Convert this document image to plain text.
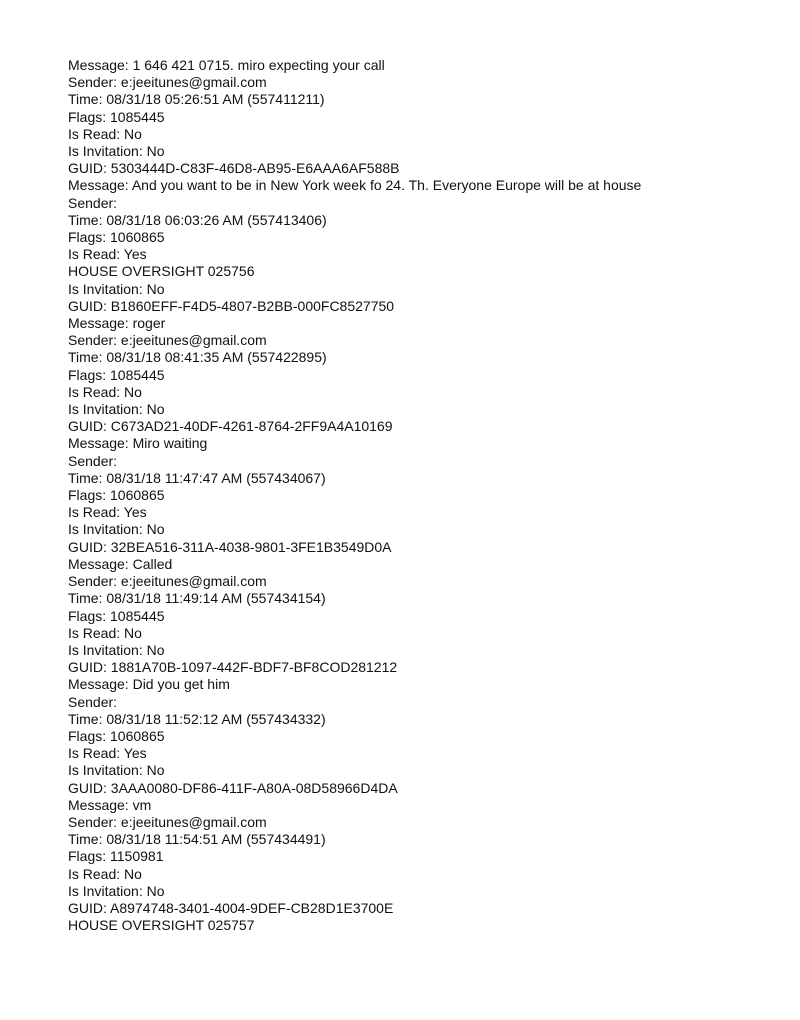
Message: 1 646 421 0715. miro expecting your call
Sender: e:jeeitunes@gmail.com
Time: 08/31/18 05:26:51 AM (557411211)
Flags: 1085445
Is Read: No
Is Invitation: No
GUID: 5303444D-C83F-46D8-AB95-E6AAA6AF588B
Message: And you want to be in New York week fo 24. Th. Everyone Europe will be at house
Sender:
Time: 08/31/18 06:03:26 AM (557413406)
Flags: 1060865
Is Read: Yes
HOUSE OVERSIGHT 025756
Is Invitation: No
GUID: B1860EFF-F4D5-4807-B2BB-000FC8527750
Message: roger
Sender: e:jeeitunes@gmail.com
Time: 08/31/18 08:41:35 AM (557422895)
Flags: 1085445
Is Read: No
Is Invitation: No
GUID: C673AD21-40DF-4261-8764-2FF9A4A10169
Message: Miro waiting
Sender:
Time: 08/31/18 11:47:47 AM (557434067)
Flags: 1060865
Is Read: Yes
Is Invitation: No
GUID: 32BEA516-311A-4038-9801-3FE1B3549D0A
Message: Called
Sender: e:jeeitunes@gmail.com
Time: 08/31/18 11:49:14 AM (557434154)
Flags: 1085445
Is Read: No
Is Invitation: No
GUID: 1881A70B-1097-442F-BDF7-BF8COD281212
Message: Did you get him
Sender:
Time: 08/31/18 11:52:12 AM (557434332)
Flags: 1060865
Is Read: Yes
Is Invitation: No
GUID: 3AAA0080-DF86-411F-A80A-08D58966D4DA
Message: vm
Sender: e:jeeitunes@gmail.com
Time: 08/31/18 11:54:51 AM (557434491)
Flags: 1150981
Is Read: No
Is Invitation: No
GUID: A8974748-3401-4004-9DEF-CB28D1E3700E
HOUSE OVERSIGHT 025757
